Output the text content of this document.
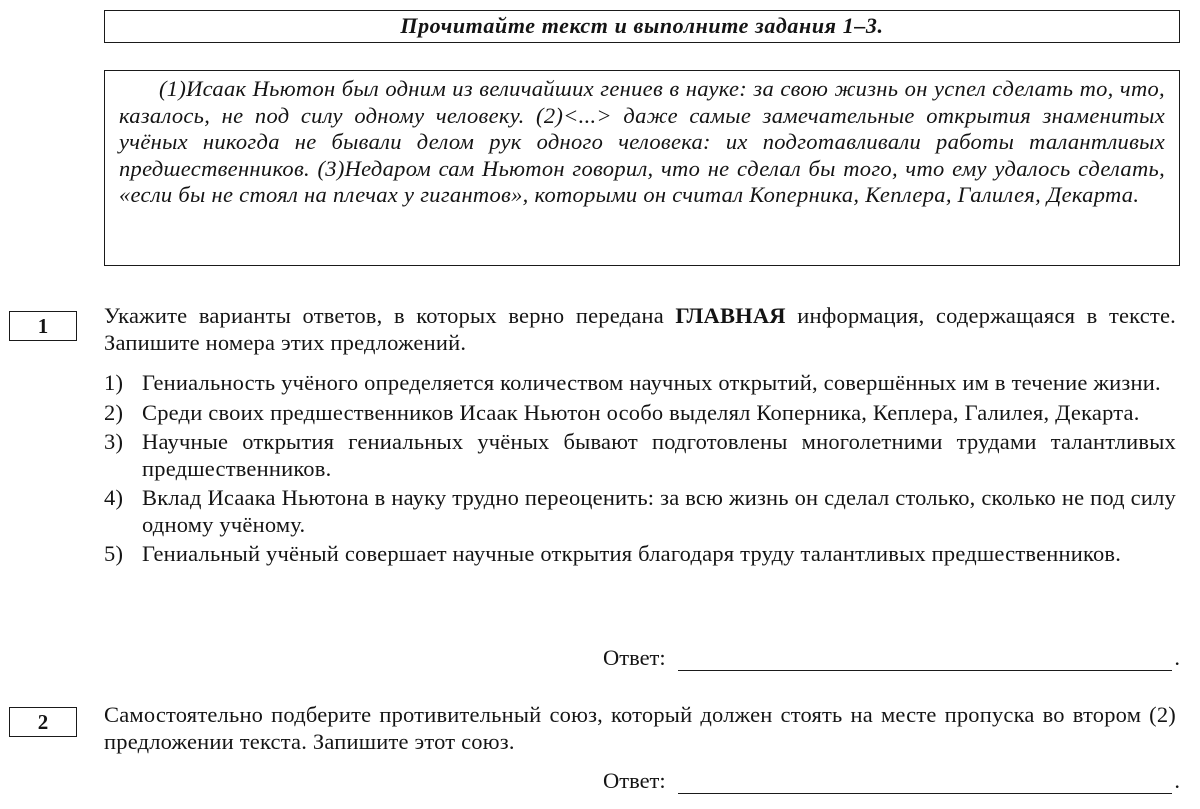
Прочитайте текст и выполните задания 1–3.
(1)Исаак Ньютон был одним из величайших гениев в науке: за свою жизнь он успел сделать то, что, казалось, не под силу одному человеку. (2)<...> даже самые замечательные открытия знаменитых учёных никогда не бывали делом рук одного человека: их подготавливали работы талантливых предшественников. (3)Недаром сам Ньютон говорил, что не сделал бы того, что ему удалось сделать, «если бы не стоял на плечах у гигантов», которыми он считал Коперника, Кеплера, Галилея, Декарта.
1	Укажите варианты ответов, в которых верно передана ГЛАВНАЯ информация, содержащаяся в тексте. Запишите номера этих предложений.
1) Гениальность учёного определяется количеством научных открытий, совершённых им в течение жизни.
2) Среди своих предшественников Исаак Ньютон особо выделял Коперника, Кеплера, Галилея, Декарта.
3) Научные открытия гениальных учёных бывают подготовлены многолетними трудами талантливых предшественников.
4) Вклад Исаака Ньютона в науку трудно переоценить: за всю жизнь он сделал столько, сколько не под силу одному учёному.
5) Гениальный учёный совершает научные открытия благодаря труду талантливых предшественников.
Ответ:	.
2	Самостоятельно подберите противительный союз, который должен стоять на месте пропуска во втором (2) предложении текста. Запишите этот союз.
Ответ:	.
